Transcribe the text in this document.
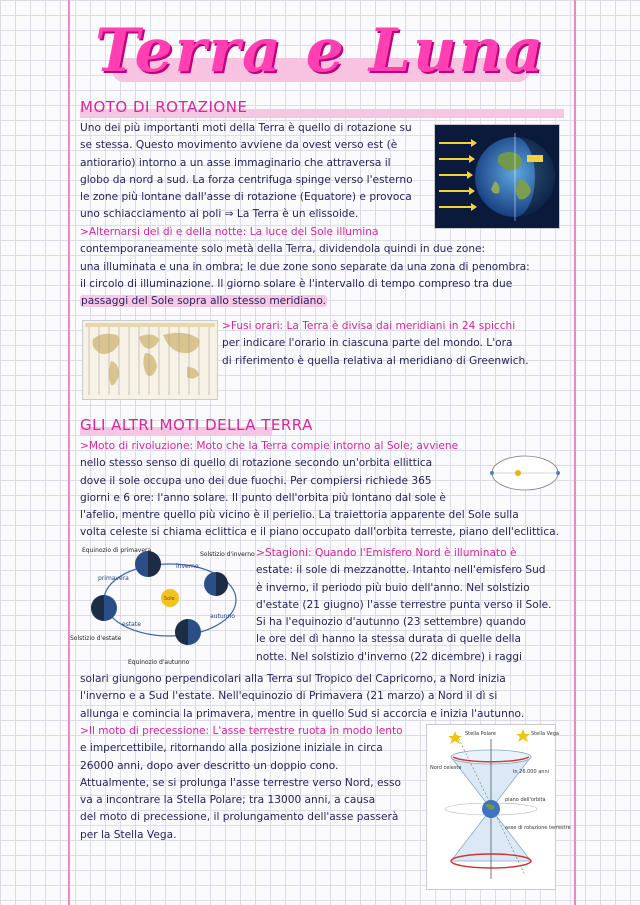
Terra e Luna
MOTO DI ROTAZIONE
Uno dei più importanti moti della Terra è quello di rotazione su
se stessa. Questo movimento avviene da ovest verso est (è
antiorario) intorno a un asse immaginario che attraversa il
globo da nord a sud. La forza centrifuga spinge verso l'esterno
le zone più lontane dall'asse di rotazione (Equatore) e provoca
uno schiacciamento ai poli ⇒ La Terra è un elissoide.
>Alternarsi del dì e della notte: La luce del Sole illumina
contemporaneamente solo metà della Terra, dividendola quindi in due zone:
una illuminata e una in ombra; le due zone sono separate da una zona di penombra:
il circolo di illuminazione. Il giorno solare è l'intervallo di tempo compreso tra due
passaggi del Sole sopra allo stesso meridiano.
>Fusi orari: La Terra è divisa dai meridiani in 24 spicchi
per indicare l'orario in ciascuna parte del mondo. L'ora
di riferimento è quella relativa al meridiano di Greenwich.
GLI ALTRI MOTI DELLA TERRA
>Moto di rivoluzione: Moto che la Terra compie intorno al Sole; avviene
nello stesso senso di quello di rotazione secondo un'orbita ellittica
dove il sole occupa uno dei due fuochi. Per compiersi richiede 365
giorni e 6 ore: l'anno solare. Il punto dell'orbita più lontano dal sole è
l'afelio, mentre quello più vicino è il perielio. La traiettoria apparente del Sole sulla
volta celeste si chiama eclittica e il piano occupato dall'orbita terreste, piano dell'eclittica.
Equinozio di primavera
Solstizio d'inverno
Solstizio d'estate
Equinozio d'autunno
inverno
primavera
estate
autunno
Sole
>Stagioni: Quando l'Emisfero Nord è illuminato è
estate: il sole di mezzanotte. Intanto nell'emisfero Sud
è inverno, il periodo più buio dell'anno. Nel solstizio
d'estate (21 giugno) l'asse terrestre punta verso il Sole.
Si ha l'equinozio d'autunno (23 settembre) quando
le ore del dì hanno la stessa durata di quelle della
notte. Nel solstizio d'inverno (22 dicembre) i raggi
solari giungono perpendicolari alla Terra sul Tropico del Capricorno, a Nord inizia
l'inverno e a Sud l'estate. Nell'equinozio di Primavera (21 marzo) a Nord il dì si
allunga e comincia la primavera, mentre in quello Sud si accorcia e inizia l'autunno.
>Il moto di precessione: L'asse terrestre ruota in modo lento
e impercettibile, ritornando alla posizione iniziale in circa
26000 anni, dopo aver descritto un doppio cono.
Attualmente, se si prolunga l'asse terrestre verso Nord, esso
va a incontrare la Stella Polare; tra 13000 anni, a causa
del moto di precessione, il prolungamento dell'asse passerà
per la Stella Vega.
Stella Polare	Stella Vega
Nord celeste
in 26.000 anni
piano dell'orbita
asse di rotazione terrestre
